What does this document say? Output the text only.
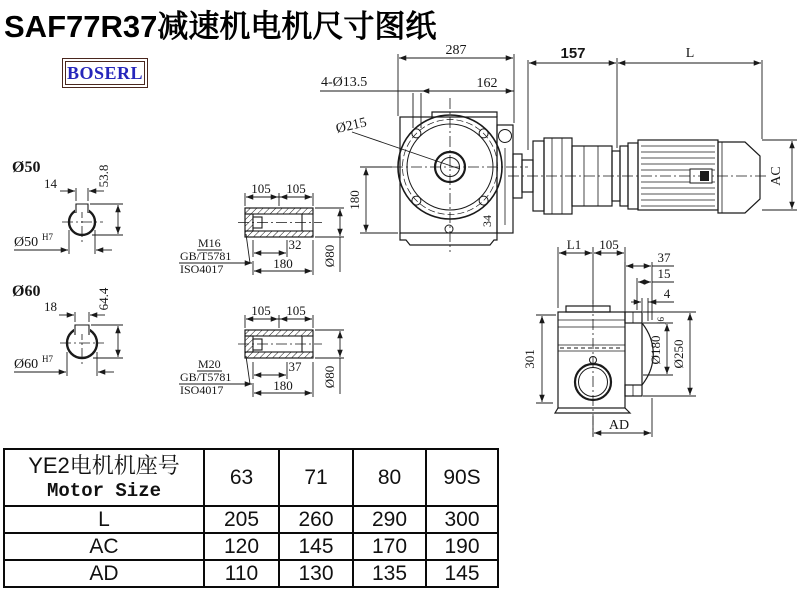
SAF77R37减速机电机尺寸图纸
BOSERL
Ø50
14	53.8
Ø50 H7
Ø60
18	64.4
Ø60 H7
105 105
32
180 Ø80
M16
GB/T5781
ISO4017
105 105
37
180 Ø80
M20
GB/T5781
ISO4017
287
162
4-Ø13.5
Ø215
180
34
157	L
AC
L1 105
37
15
4
Ø180
j6
Ø250
301
AD
YE2电机机座号
Motor Size	63	71	80	90S
L	205	260	290	300
AC	120	145	170	190
AD	110	130	135	145
